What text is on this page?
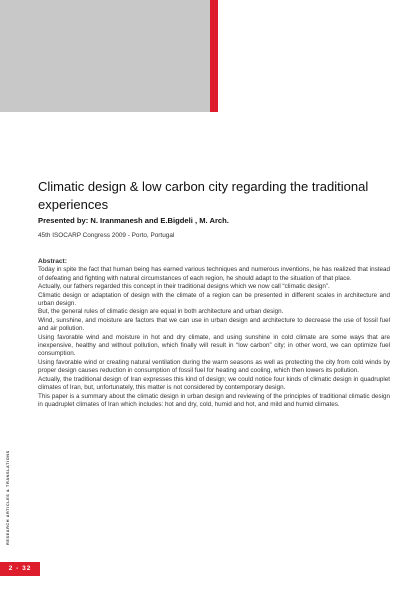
Climatic design & low carbon city regarding the traditional experiences

Presented by: N. Iranmanesh and E.Bigdeli , M. Arch.

45th ISOCARP Congress 2009 - Porto, Portugal

Abstract:

Today in spite the fact that human being has earned various techniques and numerous inventions, he has realized that instead of defeating and fighting with natural circumstances of each region, he should adapt to the situation of that place.

Actually, our fathers regarded this concept in their traditional designs which we now call “climatic design”.

Climatic design or adaptation of design with the climate of a region can be presented in different scales in architecture and urban design.

But, the general rules of climatic design are equal in both architecture and urban design.

Wind, sunshine, and moisture are factors that we can use in urban design and architecture to decrease the use of fossil fuel and air pollution.

Using favorable wind and moisture in hot and dry climate, and using sunshine in cold climate are some ways that are inexpensive, healthy and without pollution, which finally will result in “low carbon” city; in other word, we can optimize fuel consumption.

Using favorable wind or creating natural ventilation during the warm seasons as well as protecting the city from cold winds by proper design causes reduction in consumption of fossil fuel for heating and cooling, which then lowers its pollution.

Actually, the traditional design of Iran expresses this kind of design; we could notice four kinds of climatic design in quadruplet climates of Iran, but, unfortunately, this matter is not considered by contemporary design.

This paper is a summary about the climatic design in urban design and reviewing of the principles of traditional climatic design in quadruplet climates of Iran which includes: hot and dry, cold, humid and hot, and mild and humid climates.

RESEARCH ARTICLES & TRANSLATIONS
2 - 32
